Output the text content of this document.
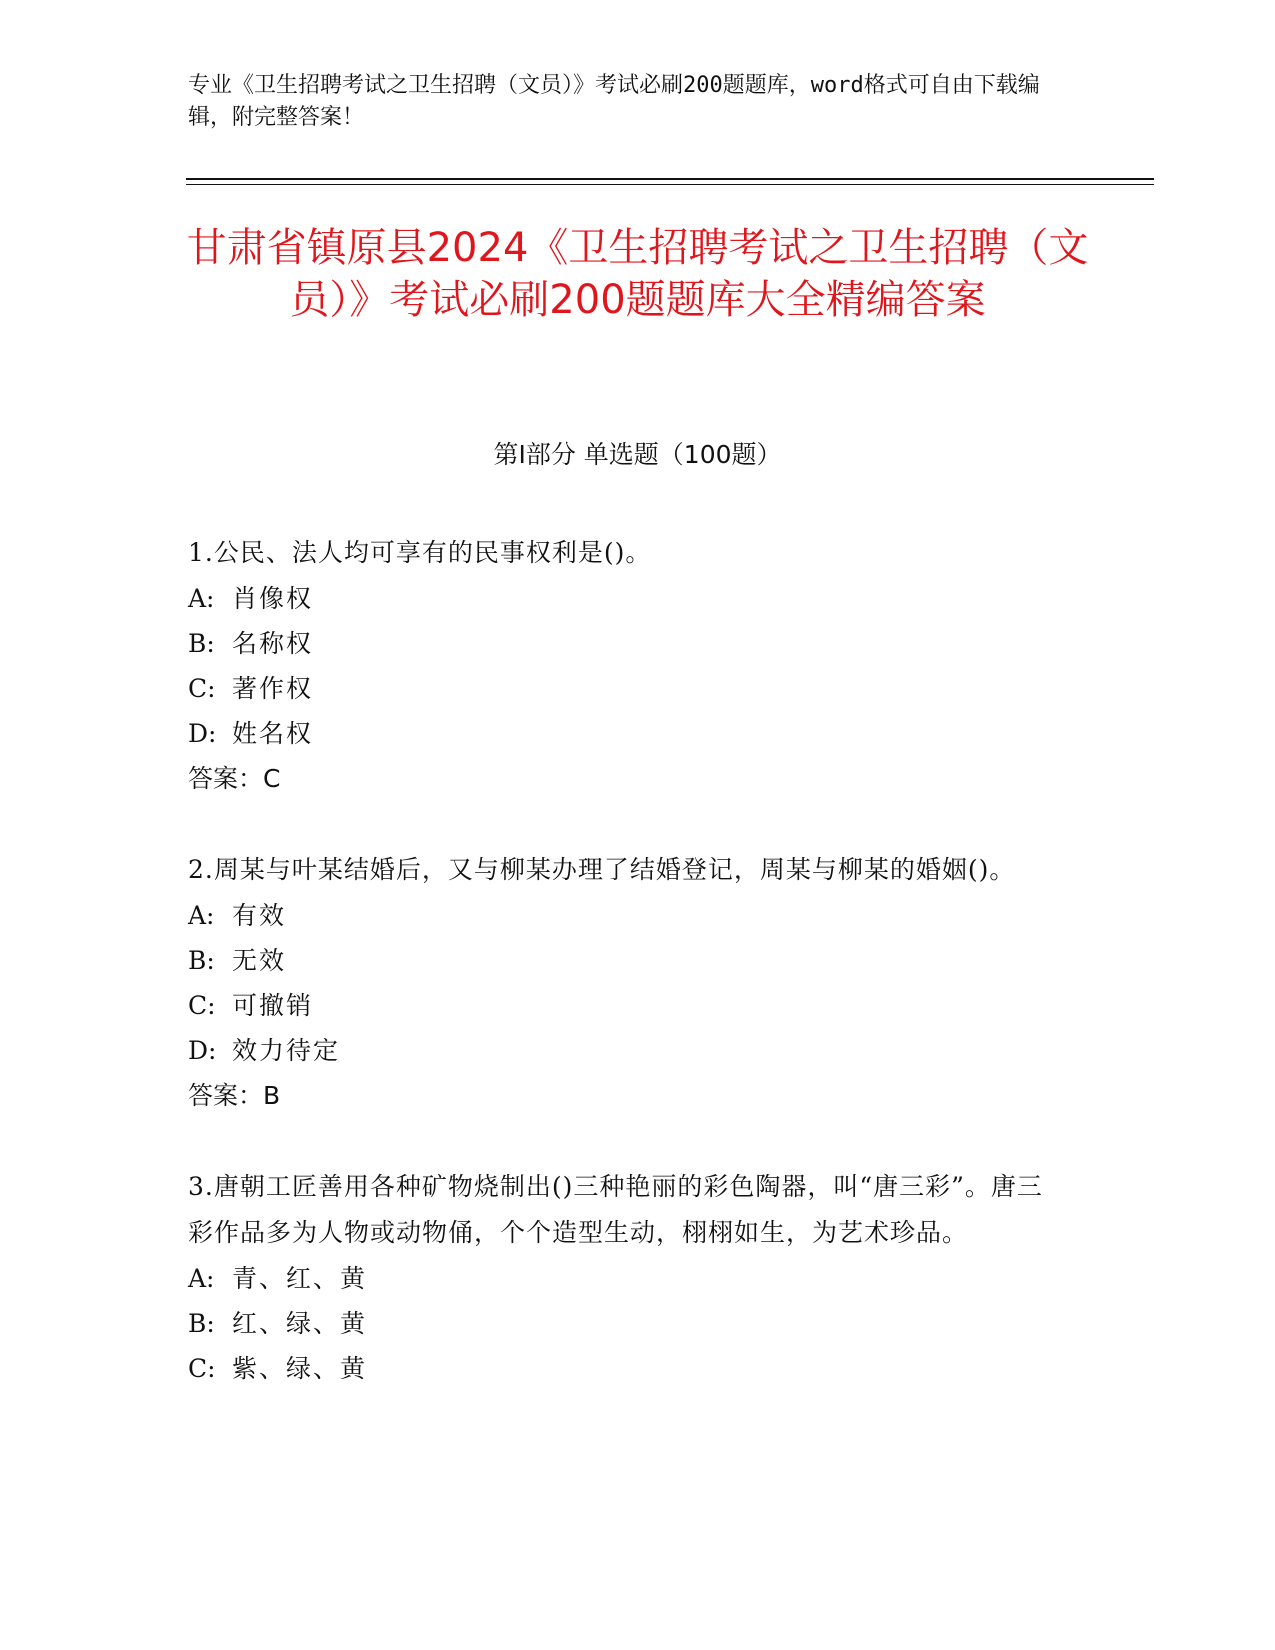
专业《卫生招聘考试之卫生招聘（文员）》考试必刷200题题库，word格式可自由下载编辑，附完整答案！

甘肃省镇原县2024《卫生招聘考试之卫生招聘（文员）》考试必刷200题题库大全精编答案
第Ⅰ部分 单选题（100题）

1.公民、法人均可享有的民事权利是()。

A: 肖像权

B: 名称权

C: 著作权

D: 姓名权

答案：C

2.周某与叶某结婚后，又与柳某办理了结婚登记，周某与柳某的婚姻()。

A: 有效

B: 无效

C: 可撤销

D: 效力待定

答案：B

3.唐朝工匠善用各种矿物烧制出()三种艳丽的彩色陶器，叫“唐三彩”。唐三彩作品多为人物或动物俑，个个造型生动，栩栩如生，为艺术珍品。

A: 青、红、黄

B: 红、绿、黄

C: 紫、绿、黄
